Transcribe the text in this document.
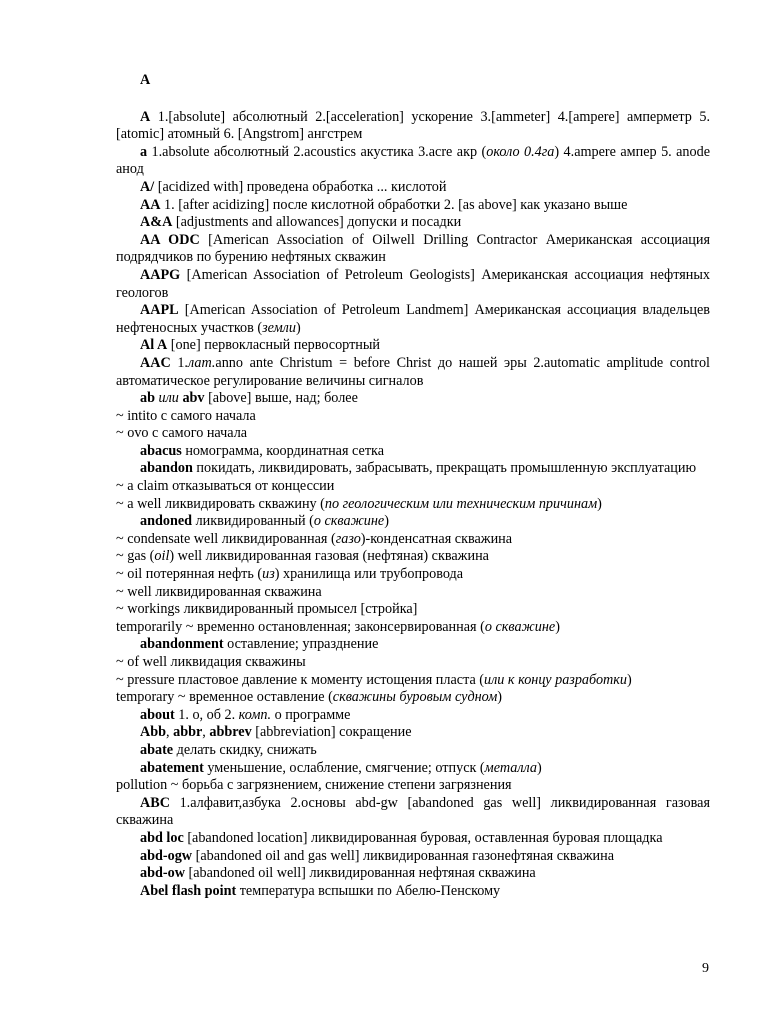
A
A 1.[absolute] абсолютный 2.[acceleration] ускорение 3.[ammeter] 4.[ampere] амперметр 5. [atomic] атомный 6. [Angstrom] ангстрем
a 1.absolute абсолютный 2.acoustics акустика 3.acre акр (около 0.4га) 4.ampere ампер 5. anode анод
A/ [acidized with] проведена обработка ... кислотой
AA 1. [after acidizing] после кислотной обработки 2. [as above] как указано выше
A&A [adjustments and allowances] допуски и посадки
AA ODC [American Association of Oilwell Drilling Contractor Американская ассоциация подрядчиков по бурению нефтяных скважин
AAPG [American Association of Petroleum Geologists] Американская ассоциация нефтяных геологов
AAPL [American Association of Petroleum Landmem] Американская ассоциация владельцев нефтеносных участков (земли)
Al A [one] первокласный первосортный
AAC 1.лат.anno ante Christum = before Christ до нашей эры 2.automatic amplitude control автоматическое регулирование величины сигналов
ab или abv [above] выше, над; более
~ intito с самого начала
~ ovo с самого начала
abacus номограмма, координатная сетка
abandon покидать, ликвидировать, забрасывать, прекращать промышленную эксплуатацию
~ a claim отказываться от концессии
~ a well ликвидировать скважину (по геологическим или техническим причинам)
andoned ликвидированный (о скважине)
~ condensate well ликвидированная (газо)-конденсатная скважина
~ gas (oil) well ликвидированная газовая (нефтяная) скважина
~ oil потерянная нефть (из) хранилища или трубопровода
~ well ликвидированная скважина
~ workings ликвидированный промысел [стройка]
temporarily ~ временно остановленная; законсервированная (о скважине)
abandonment оставление; упразднение
~ of well ликвидация скважины
~ pressure пластовое давление к моменту истощения пласта (или к концу разработки)
temporary ~ временное оставление (скважины буровым судном)
about 1. о, об 2. комп. о программе
Abb, abbr, abbrev [abbreviation] сокращение
abate делать скидку, снижать
abatement уменьшение, ослабление, смягчение; отпуск (металла)
pollution ~ борьба с загрязнением, снижение степени загрязнения
ABC 1.алфавит,азбука 2.основы abd-gw [abandoned gas well] ликвидированная газовая скважина
abd loc [abandoned location] ликвидированная буровая, оставленная буровая площадка
abd-ogw [abandoned oil and gas well] ликвидированная газонефтяная скважина
abd-ow [abandoned oil well] ликвидированная нефтяная скважина
Abel flash point температура вспышки по Абелю-Пенскому
9
